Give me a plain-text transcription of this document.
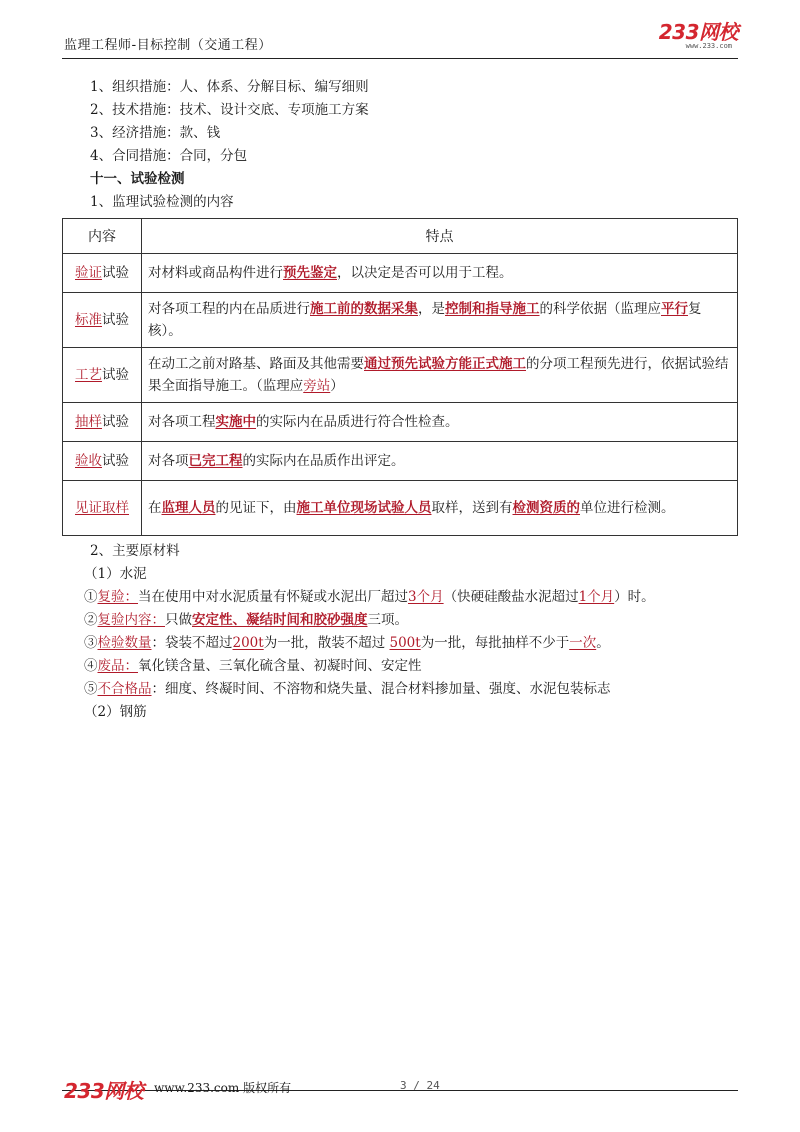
监理工程师-目标控制（交通工程）
233网校
www.233.com
1、组织措施：人、体系、分解目标、编写细则
2、技术措施：技术、设计交底、专项施工方案
3、经济措施：款、钱
4、合同措施：合同，分包
十一、试验检测
1、监理试验检测的内容
内容	特点
验证试验	对材料或商品构件进行预先鉴定，以决定是否可以用于工程。
标准试验	对各项工程的内在品质进行施工前的数据采集，是控制和指导施工的科学依据（监理应平行复核）。
工艺试验	在动工之前对路基、路面及其他需要通过预先试验方能正式施工的分项工程预先进行，依据试验结果全面指导施工。（监理应旁站）
抽样试验	对各项工程实施中的实际内在品质进行符合性检查。
验收试验	对各项已完工程的实际内在品质作出评定。
见证取样	在监理人员的见证下，由施工单位现场试验人员取样，送到有检测资质的单位进行检测。
2、主要原材料
（1）水泥
①复验：当在使用中对水泥质量有怀疑或水泥出厂超过3个月（快硬硅酸盐水泥超过1个月）时。
②复验内容：只做安定性、凝结时间和胶砂强度三项。
③检验数量：袋装不超过200t为一批，散装不超过 500t为一批，每批抽样不少于一次。
④废品：氧化镁含量、三氧化硫含量、初凝时间、安定性
⑤不合格品：细度、终凝时间、不溶物和烧失量、混合材料掺加量、强度、水泥包装标志
（2）钢筋
233网校 www.233.com 版权所有	3 / 24
